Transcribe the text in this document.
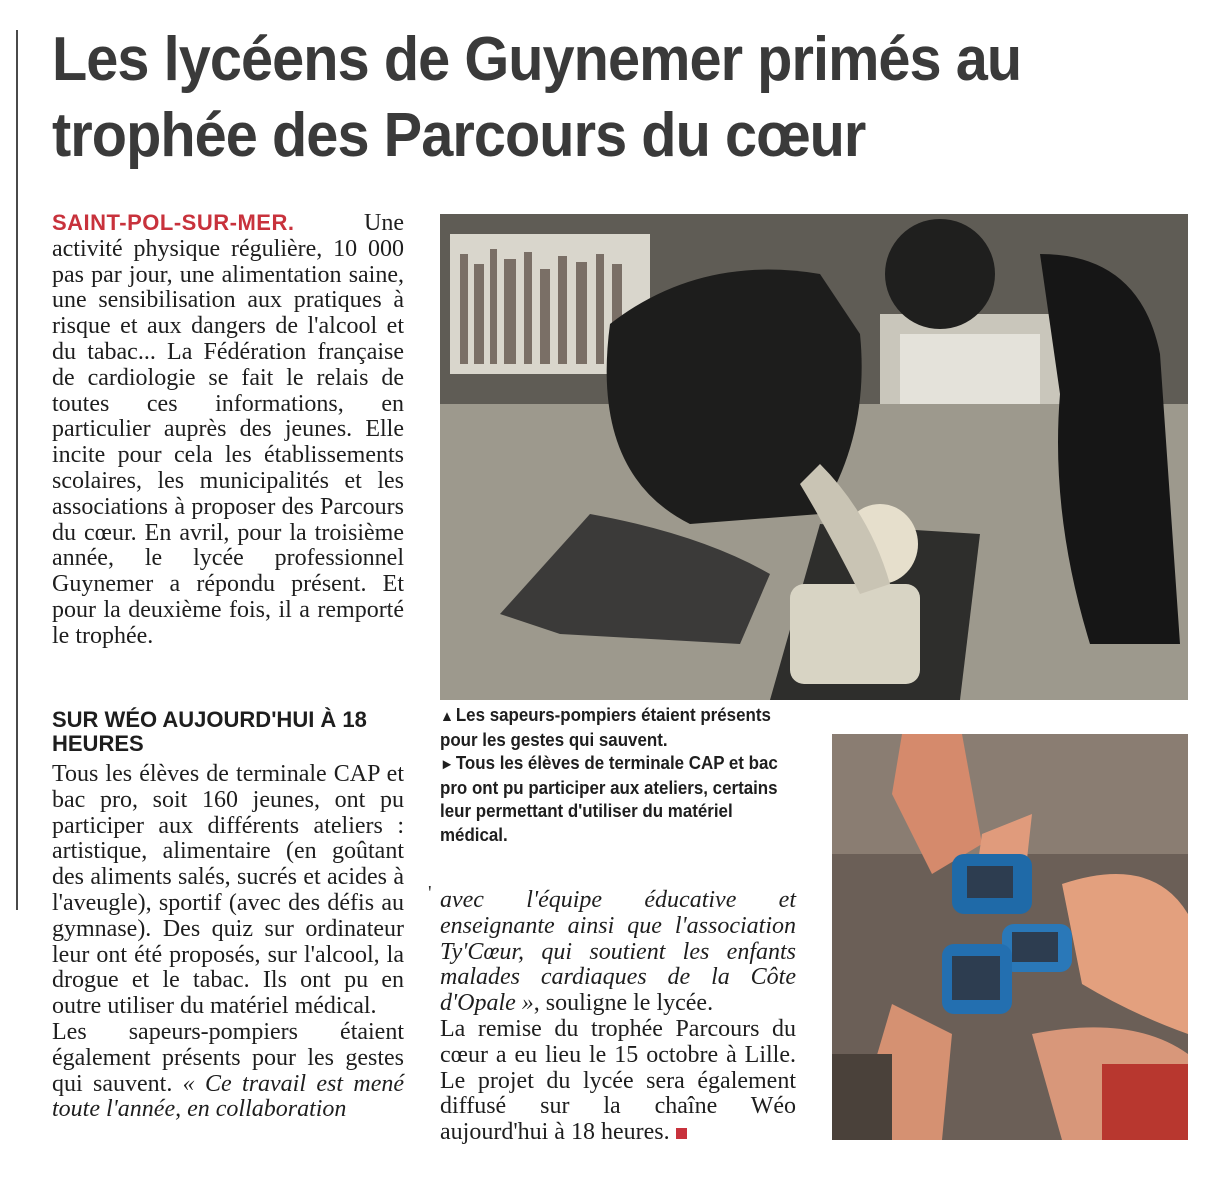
Les lycéens de Guynemer primés au trophée des Parcours du cœur

SAINT-POL-SUR-MER.	Une activité physique régulière, 10 000 pas par jour, une alimentation saine, une sensibilisation aux pratiques à risque et aux dangers de l'alcool et du tabac... La Fédération française de cardiologie se fait le relais de toutes ces informations, en particulier auprès des jeunes. Elle incite pour cela les établissements scolaires, les municipalités et les associations à proposer des Parcours du cœur. En avril, pour la troisième année, le lycée professionnel Guynemer a répondu présent. Et pour la deuxième fois, il a remporté le trophée.

SUR WÉO AUJOURD'HUI À 18 HEURES

Tous les élèves de terminale CAP et bac pro, soit 160 jeunes, ont pu participer aux différents ateliers : artistique, alimentaire (en goûtant des aliments salés, sucrés et acides à l'aveugle), sportif (avec des défis au gymnase). Des quiz sur ordinateur leur ont été proposés, sur l'alcool, la drogue et le tabac. Ils ont pu en outre utiliser du matériel médical.

Les sapeurs-pompiers étaient également présents pour les gestes qui sauvent. « Ce travail est mené toute l'année, en collaboration

▲ Les sapeurs-pompiers étaient présents pour les gestes qui sauvent.

► Tous les élèves de terminale CAP et bac pro ont pu participer aux ateliers, certains leur permettant d'utiliser du matériel médical.

' avec l'équipe éducative et enseignante ainsi que l'association Ty'Cœur, qui soutient les enfants malades cardiaques de la Côte d'Opale », souligne le lycée.

La remise du trophée Parcours du cœur a eu lieu le 15 octobre à Lille. Le projet du lycée sera également diffusé sur la chaîne Wéo aujourd'hui à 18 heures.
